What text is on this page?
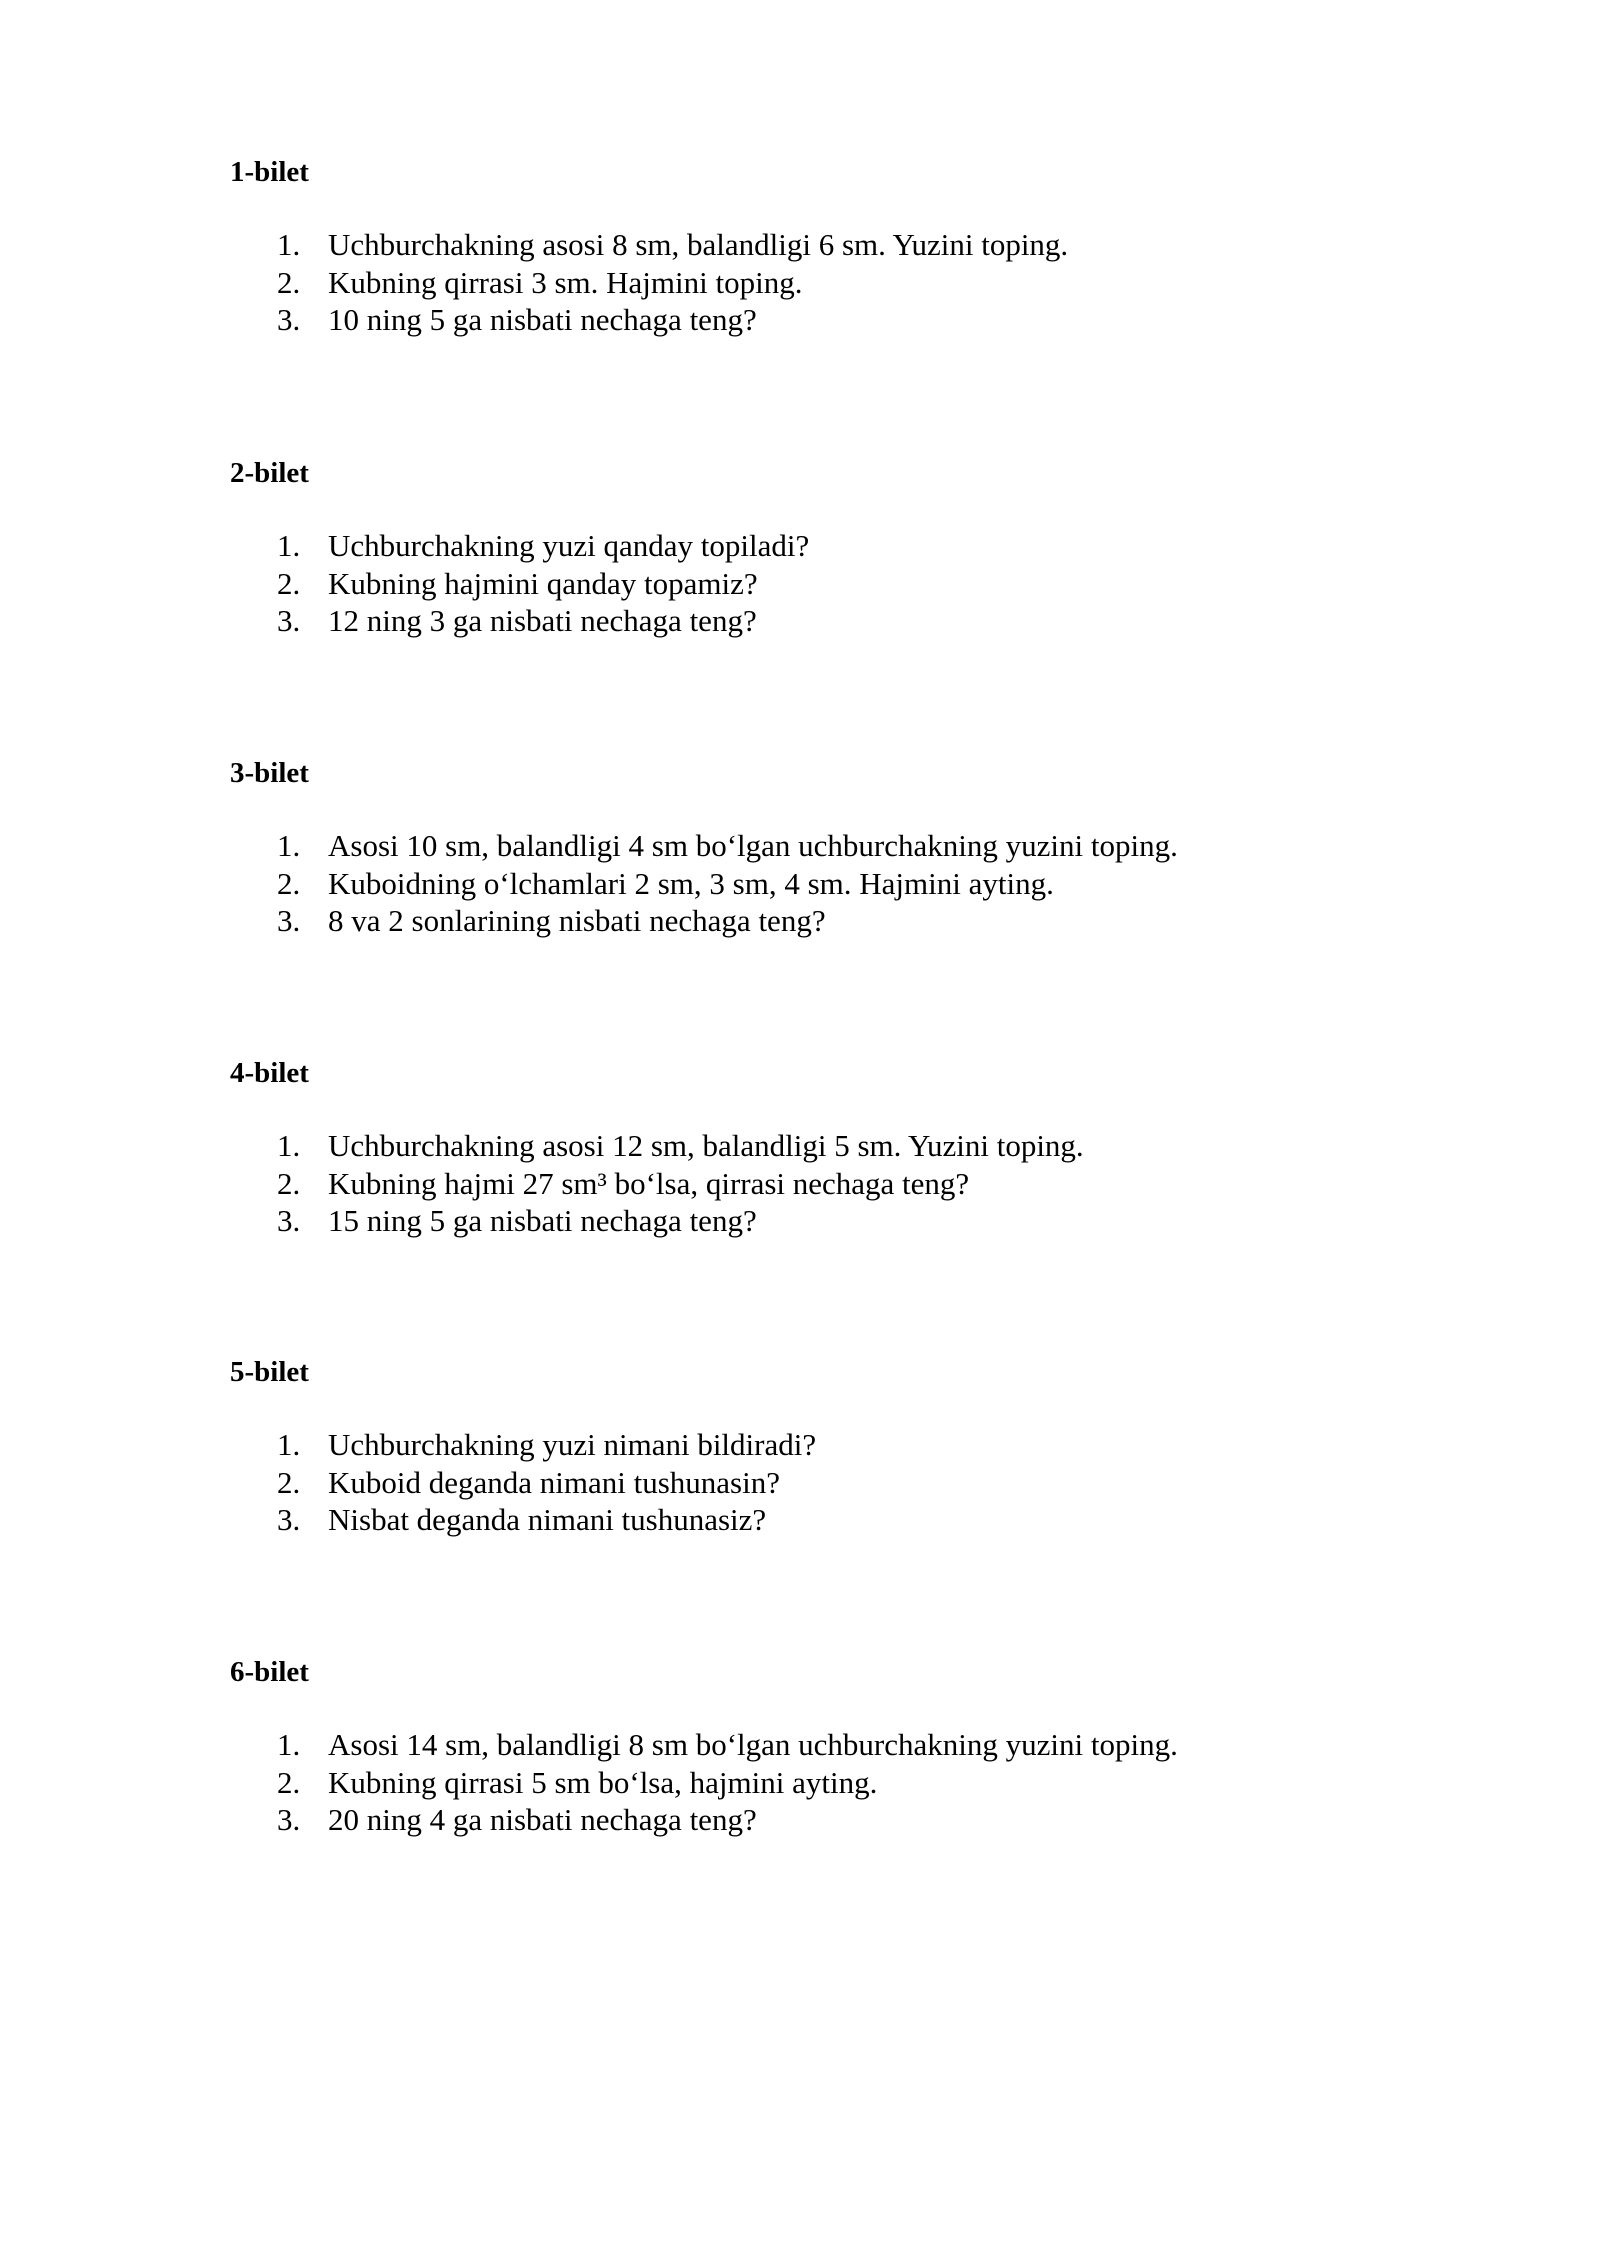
1-bilet
1. Uchburchakning asosi 8 sm, balandligi 6 sm. Yuzini toping.
2. Kubning qirrasi 3 sm. Hajmini toping.
3. 10 ning 5 ga nisbati nechaga teng?
2-bilet
1. Uchburchakning yuzi qanday topiladi?
2. Kubning hajmini qanday topamiz?
3. 12 ning 3 ga nisbati nechaga teng?
3-bilet
1. Asosi 10 sm, balandligi 4 sm bo‘lgan uchburchakning yuzini toping.
2. Kuboidning o‘lchamlari 2 sm, 3 sm, 4 sm. Hajmini ayting.
3. 8 va 2 sonlarining nisbati nechaga teng?
4-bilet
1. Uchburchakning asosi 12 sm, balandligi 5 sm. Yuzini toping.
2. Kubning hajmi 27 sm³ bo‘lsa, qirrasi nechaga teng?
3. 15 ning 5 ga nisbati nechaga teng?
5-bilet
1. Uchburchakning yuzi nimani bildiradi?
2. Kuboid deganda nimani tushunasin?
3. Nisbat deganda nimani tushunasiz?
6-bilet
1. Asosi 14 sm, balandligi 8 sm bo‘lgan uchburchakning yuzini toping.
2. Kubning qirrasi 5 sm bo‘lsa, hajmini ayting.
3. 20 ning 4 ga nisbati nechaga teng?
